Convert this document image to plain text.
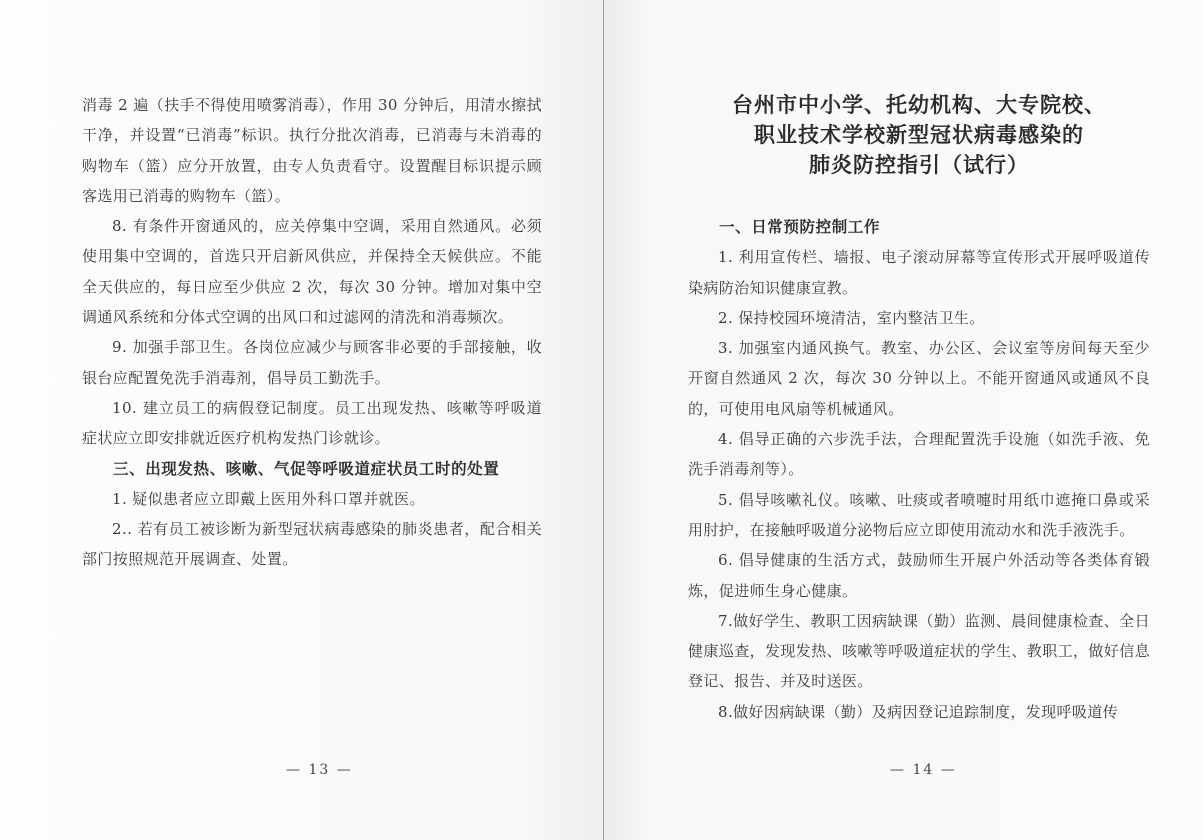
消毒 2 遍（扶手不得使用喷雾消毒），作用 30 分钟后，用清水擦拭干净，并设置“已消毒”标识。执行分批次消毒，已消毒与未消毒的购物车（篮）应分开放置，由专人负责看守。设置醒目标识提示顾客选用已消毒的购物车（篮）。

8. 有条件开窗通风的，应关停集中空调，采用自然通风。必须使用集中空调的，首选只开启新风供应，并保持全天候供应。不能全天供应的，每日应至少供应 2 次，每次 30 分钟。增加对集中空调通风系统和分体式空调的出风口和过滤网的清洗和消毒频次。

9. 加强手部卫生。各岗位应减少与顾客非必要的手部接触，收银台应配置免洗手消毒剂，倡导员工勤洗手。

10. 建立员工的病假登记制度。员工出现发热、咳嗽等呼吸道症状应立即安排就近医疗机构发热门诊就诊。

三、出现发热、咳嗽、气促等呼吸道症状员工时的处置

1. 疑似患者应立即戴上医用外科口罩并就医。

2.. 若有员工被诊断为新型冠状病毒感染的肺炎患者，配合相关部门按照规范开展调查、处置。

— 13 —
台州市中小学、托幼机构、大专院校、
职业技术学校新型冠状病毒感染的
肺炎防控指引（试行）
一、日常预防控制工作

1. 利用宣传栏、墙报、电子滚动屏幕等宣传形式开展呼吸道传染病防治知识健康宣教。

2. 保持校园环境清洁，室内整洁卫生。

3. 加强室内通风换气。教室、办公区、会议室等房间每天至少开窗自然通风 2 次，每次 30 分钟以上。不能开窗通风或通风不良的，可使用电风扇等机械通风。

4. 倡导正确的六步洗手法，合理配置洗手设施（如洗手液、免洗手消毒剂等）。

5. 倡导咳嗽礼仪。咳嗽、吐痰或者喷嚏时用纸巾遮掩口鼻或采用肘护，在接触呼吸道分泌物后应立即使用流动水和洗手液洗手。

6. 倡导健康的生活方式，鼓励师生开展户外活动等各类体育锻炼，促进师生身心健康。

7.做好学生、教职工因病缺课（勤）监测、晨间健康检查、全日健康巡查，发现发热、咳嗽等呼吸道症状的学生、教职工，做好信息登记、报告、并及时送医。

8.做好因病缺课（勤）及病因登记追踪制度，发现呼吸道传

— 14 —
